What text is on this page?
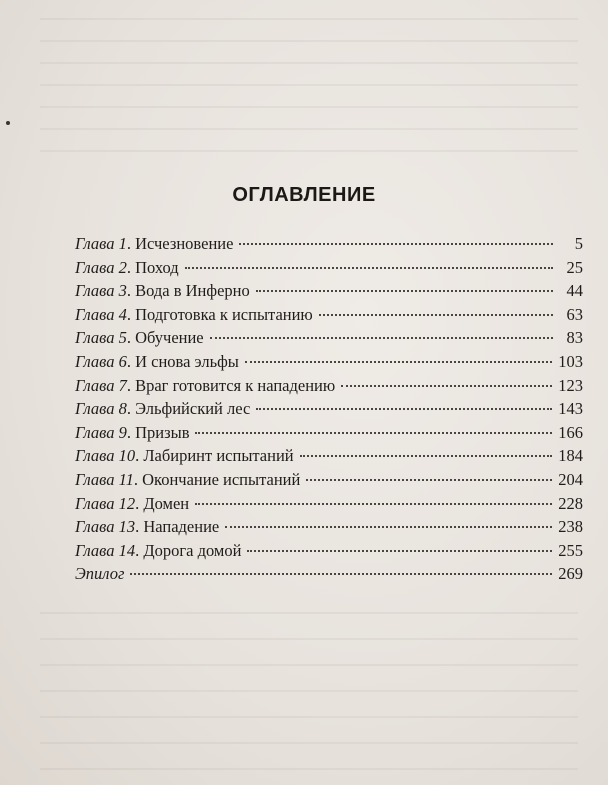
ОГЛАВЛЕНИЕ
Глава 1 . Исчезновение	5
Глава 2 . Поход	25
Глава 3 . Вода в Инферно	44
Глава 4 . Подготовка к испытанию	63
Глава 5 . Обучение	83
Глава 6 . И снова эльфы	103
Глава 7 . Враг готовится к нападению	123
Глава 8 . Эльфийский лес	143
Глава 9 . Призыв	166
Глава 10 . Лабиринт испытаний	184
Глава 11 . Окончание испытаний	204
Глава 12 . Домен	228
Глава 13 . Нападение	238
Глава 14 . Дорога домой	255
Эпилог	269
